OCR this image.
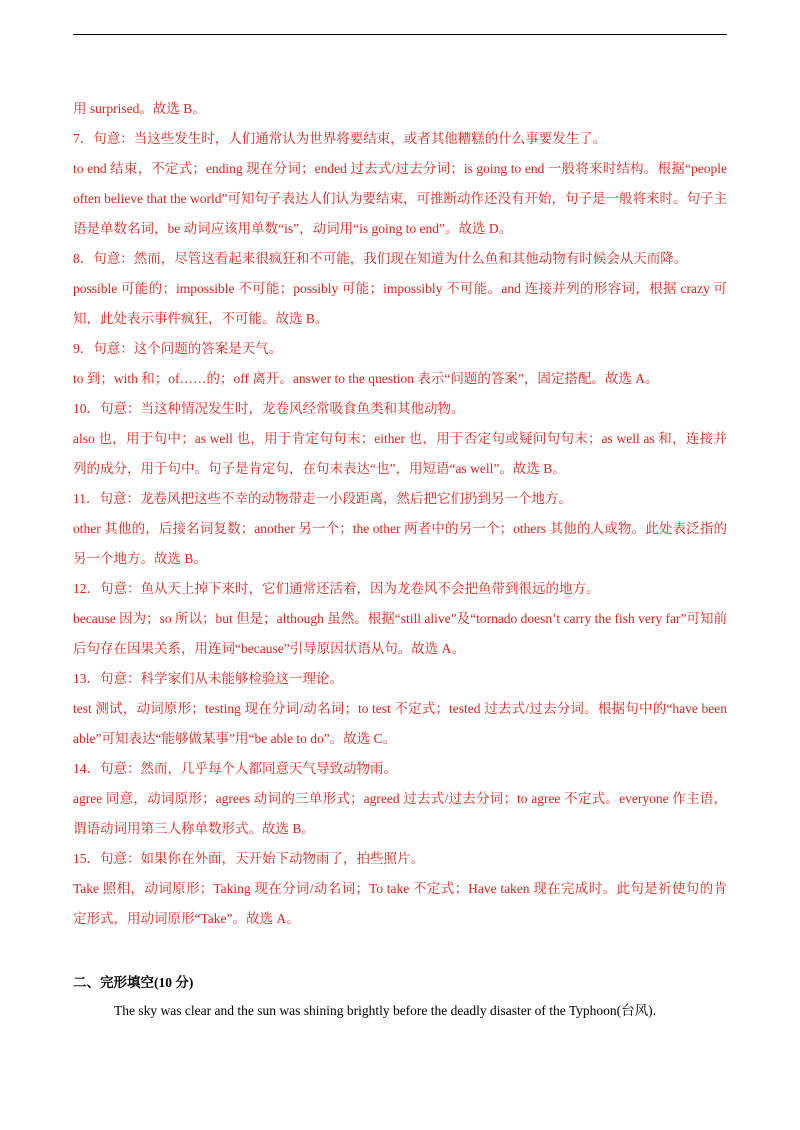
用 surprised。故选 B。

7．句意：当这些发生时，人们通常认为世界将要结束，或者其他糟糕的什么事要发生了。

to end 结束，不定式；ending 现在分词；ended 过去式/过去分词；is going to end 一般将来时结构。根据“people often believe that the world”可知句子表达人们认为要结束，可推断动作还没有开始，句子是一般将来时。句子主语是单数名词，be 动词应该用单数“is”，动词用“is going to end”。故选 D。

8．句意：然而，尽管这看起来很疯狂和不可能，我们现在知道为什么鱼和其他动物有时候会从天而降。

possible 可能的；impossible 不可能；possibly 可能；impossibly 不可能。and 连接并列的形容词，根据 crazy 可知，此处表示事件疯狂，不可能。故选 B。

9．句意：这个问题的答案是天气。

to 到；with 和；of……的；off 离开。answer to the question 表示“问题的答案”，固定搭配。故选 A。

10．句意：当这种情况发生时，龙卷风经常吸食鱼类和其他动物。

also 也，用于句中；as well 也，用于肯定句句末；either 也，用于否定句或疑问句句末；as well as 和，连接并列的成分，用于句中。句子是肯定句，在句末表达“也”，用短语“as well”。故选 B。

11．句意：龙卷风把这些不幸的动物带走一小段距离，然后把它们扔到另一个地方。

other 其他的，后接名词复数；another 另一个；the other 两者中的另一个；others 其他的人或物。此处表泛指的另一个地方。故选 B。

12．句意：鱼从天上掉下来时，它们通常还活着，因为龙卷风不会把鱼带到很远的地方。

because 因为；so 所以；but 但是；although 虽然。根据“still alive”及“tornado doesn’t carry the fish very far”可知前后句存在因果关系，用连词“because”引导原因状语从句。故选 A。

13．句意：科学家们从未能够检验这一理论。

test 测试，动词原形；testing 现在分词/动名词；to test 不定式；tested 过去式/过去分词。根据句中的“have been able”可知表达“能够做某事”用“be able to do”。故选 C。

14．句意：然而，几乎每个人都同意天气导致动物雨。

agree 同意，动词原形；agrees 动词的三单形式；agreed 过去式/过去分词；to agree 不定式。everyone 作主语，谓语动词用第三人称单数形式。故选 B。

15．句意：如果你在外面，天开始下动物雨了，拍些照片。

Take 照相，动词原形；Taking 现在分词/动名词；To take 不定式；Have taken 现在完成时。此句是祈使句的肯定形式，用动词原形“Take”。故选 A。

二、完形填空(10 分)

The sky was clear and the sun was shining brightly before the deadly disaster of the Typhoon(台风).
